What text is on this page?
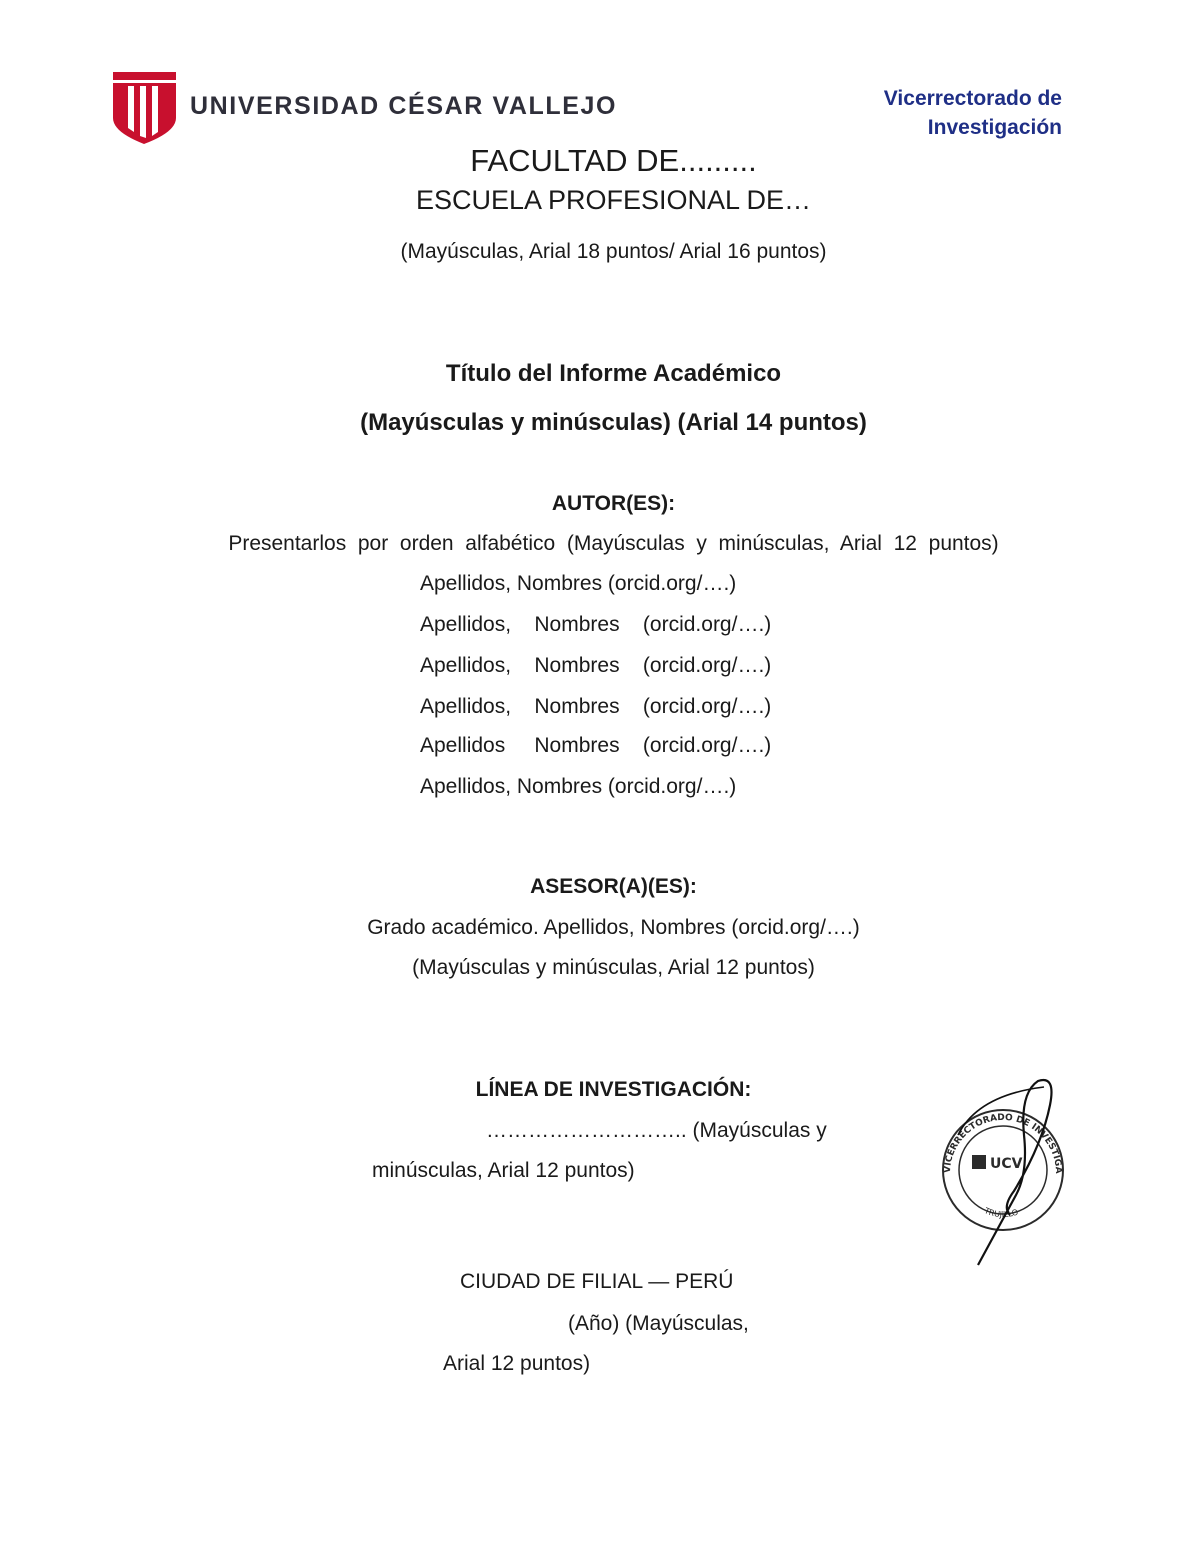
UNIVERSIDAD CÉSAR VALLEJO	Vicerrectorado de
Investigación
FACULTAD DE.........
ESCUELA PROFESIONAL DE…
(Mayúsculas, Arial 18 puntos/ Arial 16 puntos)
Título del Informe Académico
(Mayúsculas y minúsculas) (Arial 14 puntos)
AUTOR(ES):
Presentarlos  por  orden  alfabético  (Mayúsculas  y  minúsculas,  Arial  12  puntos)
Apellidos, Nombres (orcid.org/….)
Apellidos,    Nombres    (orcid.org/….)
Apellidos,    Nombres    (orcid.org/….)
Apellidos,    Nombres    (orcid.org/….)
Apellidos     Nombres    (orcid.org/….)
Apellidos, Nombres (orcid.org/….)
ASESOR(A)(ES):
Grado académico. Apellidos, Nombres (orcid.org/….)
(Mayúsculas y minúsculas, Arial 12 puntos)
LÍNEA DE INVESTIGACIÓN:
……………………….. (Mayúsculas y
minúsculas, Arial 12 puntos)
CIUDAD DE FILIAL — PERÚ
(Año) (Mayúsculas,
Arial 12 puntos)
VICERRECTORADO DE INVESTIGA
TRUJILLO
UCV
